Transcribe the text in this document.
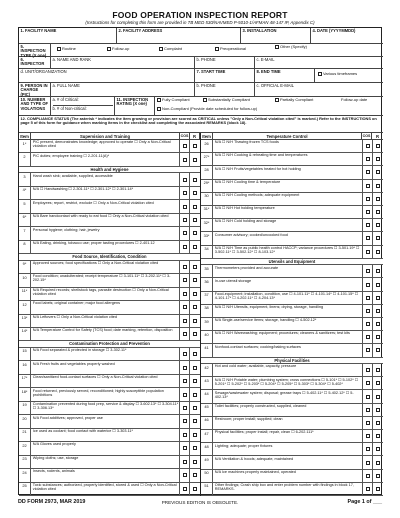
FOOD OPERATION INSPECTION REPORT
(Instructions for completing this form are provided in TB MED 530/NAVMED P-5010-1/AFMAN 48-147 IP, Appendix C)
1. FACILITY NAME	2. FACILITY ADDRESS	3. INSTALLATION	4. DATE (YYYYMMDD)
5. INSPECTION TYPE (X one)
Routine	Follow-up	Complaint	Preoperational	Other (Specify)
6. INSPECTOR
a. NAME AND RANK	b. PHONE	c. E-MAIL
d. UNIT/ORGANIZATION	7. START TIME	8. END TIME	Various timeframes
9. PERSON IN CHARGE (PIC)
a. FULL NAME	b. PHONE	c. OFFICIAL E-MAIL
10. NUMBER AND TYPE OF VIOLATIONS
a. # of Critical:
b. # of Non-critical:
11. INSPECTION RATING (X one)
Fully Compliant	Substantially Compliant	Partially Compliant	Follow-up date
Non-Compliant (Provide date scheduled for follow-up)
12. COMPLIANCE STATUS (The asterisk * indicates the item growing or provision are scored as CRITICAL unless "Only a Non-Critical violation cited" is marked.) Refer to the INSTRUCTIONS on page 5 of this form for guidance when marking items in the checklist and completing the associated REMARKS (block 18).
Item	Supervision and Training	COS	R	Item	Temperature Control	COS	R
1*	PIC present, demonstrates knowledge; approved to operate ☐ Only a Non-Critical violation cited
2	PIC duties; employee training ☐ 2-201.11(A)*
Health and Hygiene
3	Hand wash sink; available, supplied, accessible
4*	N/A ☐ Handwashing ☐ 2-301.11* ☐ 2-301.12* ☐ 2-301.14*
5	Employees; report, restrict, exclude ☐ Only a Non-Critical violation cited
6*	N/A Bare handcontact with ready to eat food ☐ Only a Non-Critical violation cited
7	Personal hygiene; clothing; hair, jewelry
8	N/A Eating, drinking, tobacco use; proper tasting procedures ☐ 2-401.12
Food Source, Identification, Condition
9*	Approved sources; food specifications ☐ Only a Non-Critical violation cited
10	Food condition; unadulterated; receipt temperature ☐ 3-101.11* ☐ 3-202.11* ☐ 3-202.15*
11*	N/A Required records; shellstock tags, parasite destruction ☐ Only a Non-Critical violation cited
12	Food labels; original container; major food allergens
13*	N/A Leftovers ☐ Only a Non-Critical violation cited
14*	N/A Temperature Control for Safety (TCS) food; date marking, retention, disposition
Contamination Protection and Prevention
15	N/A Food separated & protected in storage ☐ 3-302.11*
16	N/A Fresh fruits and vegetables properly washed
17*	Clean/sanitized food-contact surfaces ☐ Only a Non-Critical violation cited
18*	Food returned, previously served, reconditioned; highly susceptible population prohibitions
19	Contamination prevented during food prep, service & display ☐ 3-602.13* ☐ 3-304.11* ☐ 3-306.13*
20	N/A Food additives; approved, proper use
21	Ice used as coolant; food contact with waterice ☐ 3-303.11*
22	N/A Gloves used properly
23	Wiping cloths; use, storage
24	Insects, rodents, animals
25	Toxic substances; authorized, properly identified, stored & used ☐ Only a Non-Critical violation cited
26	N/A ☐ N/H Thawing frozen TCS foods
27*	N/A ☐ N/H Cooking & reheating time and temperatures
28	N/A ☐ N/H Fruits/vegetables heated for hot holding
29*	N/A ☐ N/H Cooling time & temperature
30	N/A ☐ N/H Cooling methods; adequate equipment
31*	N/A ☐ N/H Hot holding temperature
32*	N/A ☐ N/H Cold holding and storage
33*	Consumer advisory; cooked/uncooked food
34	N/A ☐ N/H Time as public health control HACCP; variance procedures ☐ 3-501.19* ☐ 3-502.11* ☐ 3-502.12* ☐ 8-103.12*
Utensils and Equipment
35	Thermometers provided and accurate
36	In-use utensil storage
37	Food-equipment; installation, condition, use ☐ 4-101.11* ☐ 4-101.14* ☐ 4-101.15* ☐ 4-101.17* ☐ 4-202.11* ☐ 4-204.13*
38	N/A ☐ N/H Utensils, equipment, linens; drying, storage, handling
39	N/A Single-use/service items; storage, handling ☐ 4-502.12*
40	N/A ☐ N/H Warewashing; equipment; procedures; cleaners & sanitizers; test kits
41	Nonfood-contact surfaces; cooking/baking surfaces
Physical Facilities
42	Hot and cold water; available, capacity, pressure
43	N/A ☐ N/H Potable water; plumbing system; cross connections ☐ 5-101* ☐ 5-102* ☐ 5-201* ☐ 5-202* ☐ 5-203* ☐ 5-204* ☐ 5-205* ☐ 5-303* ☐ 5-304* ☐ 5-402*
44	Sewage/wastewater system; disposal; grease traps ☐ 5-402.11* ☐ 5-402.12* ☐ 5-402.13*
45	Toilet facilities; properly constructed, supplied, cleaned
46	Restroom; proper install; supplied; clean
47	Physical facilities; proper install; repair, clean ☐ 6-202.111*
48	Lighting; adequate; proper fixtures
49	N/A Ventilation & hoods; adequate, maintained
50	N/A Ice machines properly maintained, operated
51	Other findings; Crash ship box and enter problem number with findings in block 17, REMARKS.
DD FORM 2973, MAR 2019	PREVIOUS EDITION IS OBSOLETE.	Page 1 of ___
